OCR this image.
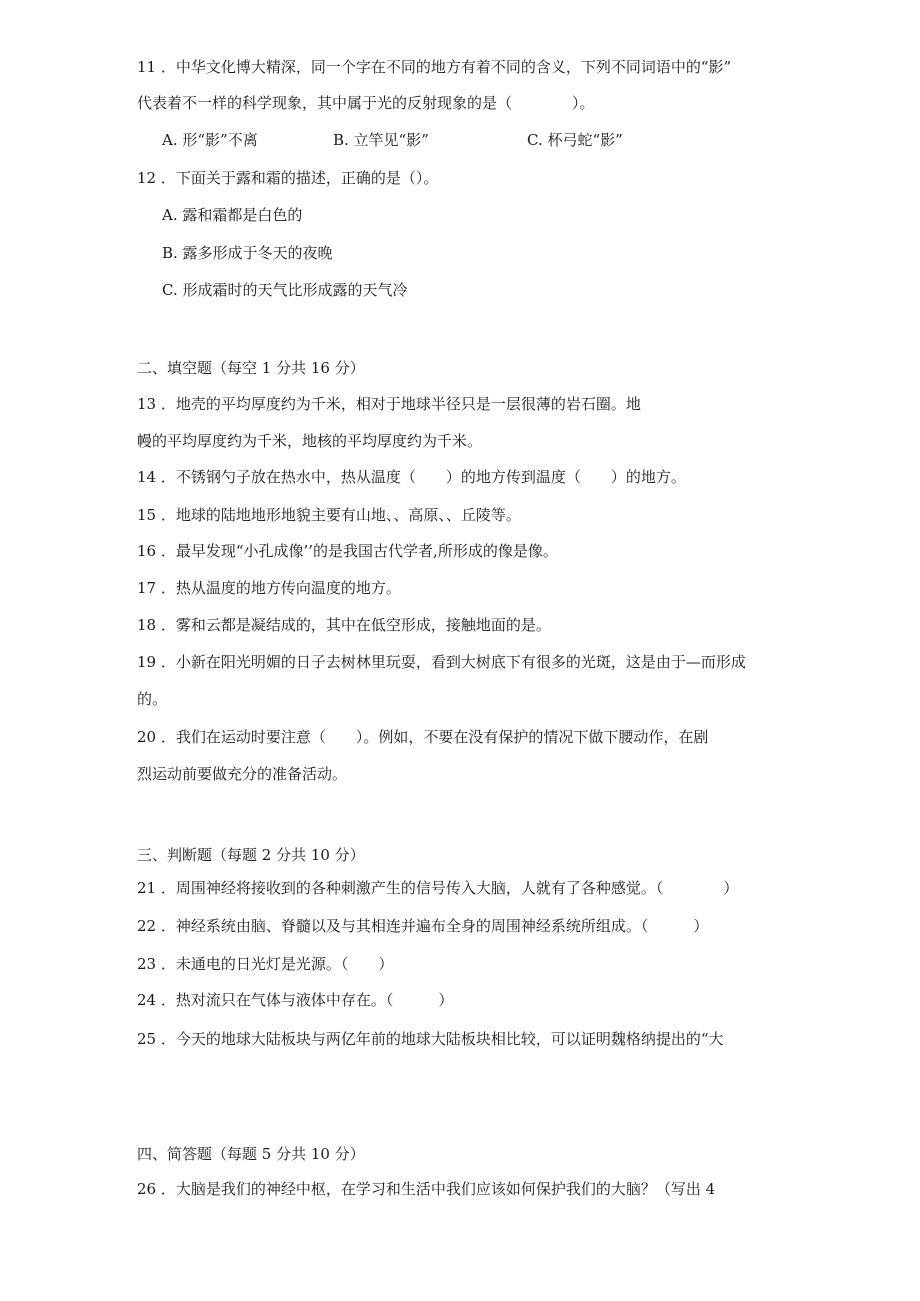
11 ．中华文化博大精深，同一个字在不同的地方有着不同的含义，下列不同词语中的“影”
代表着不一样的科学现象，其中属于光的反射现象的是（　　　　）。
A. 形“影”不离	B. 立竿见“影”	C. 杯弓蛇“影”
12 ．下面关于露和霜的描述，正确的是（）。
A. 露和霜都是白色的
B. 露多形成于冬天的夜晚
C. 形成霜时的天气比形成露的天气冷
二、填空题（每空 1 分共 16 分）
13 ．地壳的平均厚度约为千米，相对于地球半径只是一层很薄的岩石圈。地
幔的平均厚度约为千米，地核的平均厚度约为千米。
14 ．不锈钢勺子放在热水中，热从温度（　　）的地方传到温度（　　）的地方。
15 ．地球的陆地地形地貌主要有山地、、高原、、丘陵等。
16 ．最早发现“小孔成像’’的是我国古代学者,所形成的像是像。
17 ．热从温度的地方传向温度的地方。
18 ．雾和云都是凝结成的，其中在低空形成，接触地面的是。
19 ．小新在阳光明媚的日子去树林里玩耍，看到大树底下有很多的光斑，这是由于—而形成
的。
20 ．我们在运动时要注意（　　）。例如，不要在没有保护的情况下做下腰动作，在剧
烈运动前要做充分的准备活动。
三、判断题（每题 2 分共 10 分）
21 ．周围神经将接收到的各种刺激产生的信号传入大脑，人就有了各种感觉。（　　　　）
22 ．神经系统由脑、脊髓以及与其相连并遍布全身的周围神经系统所组成。（　　　）
23 ．未通电的日光灯是光源。（　　）
24 ．热对流只在气体与液体中存在。（　　　）
25 ．今天的地球大陆板块与两亿年前的地球大陆板块相比较，可以证明魏格纳提出的“大
四、简答题（每题 5 分共 10 分）
26 ．大脑是我们的神经中枢，在学习和生活中我们应该如何保护我们的大脑？（写出 4
